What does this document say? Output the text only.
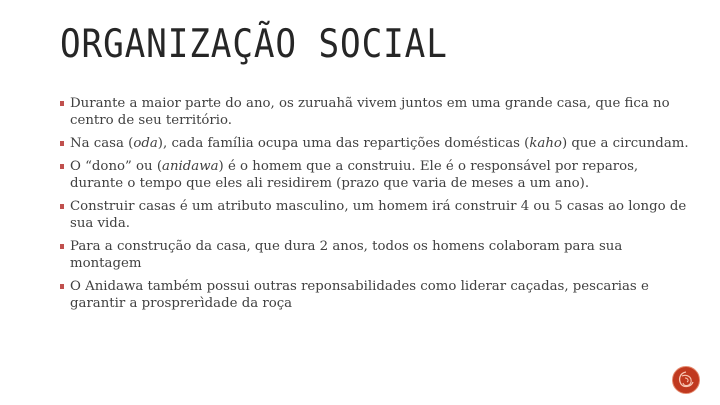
ORGANIZAÇÃO SOCIAL
Durante a maior parte do ano, os zuruahã vivem juntos em uma grande casa, que fica no centro de seu território.
Na casa (oda), cada família ocupa uma das repartições domésticas (kaho) que a circundam.
O “dono” ou (anidawa) é o homem que a construiu. Ele é o responsável por reparos, durante o tempo que eles ali residirem (prazo que varia de meses a um ano).
Construir casas é um atributo masculino, um homem irá construir 4 ou 5 casas ao longo de sua vida.
Para a construção da casa, que dura 2 anos, todos os homens colaboram para sua montagem
O Anidawa também possui outras reponsabilidades como liderar caçadas, pescarias e garantir a prosprerìdade da roça
